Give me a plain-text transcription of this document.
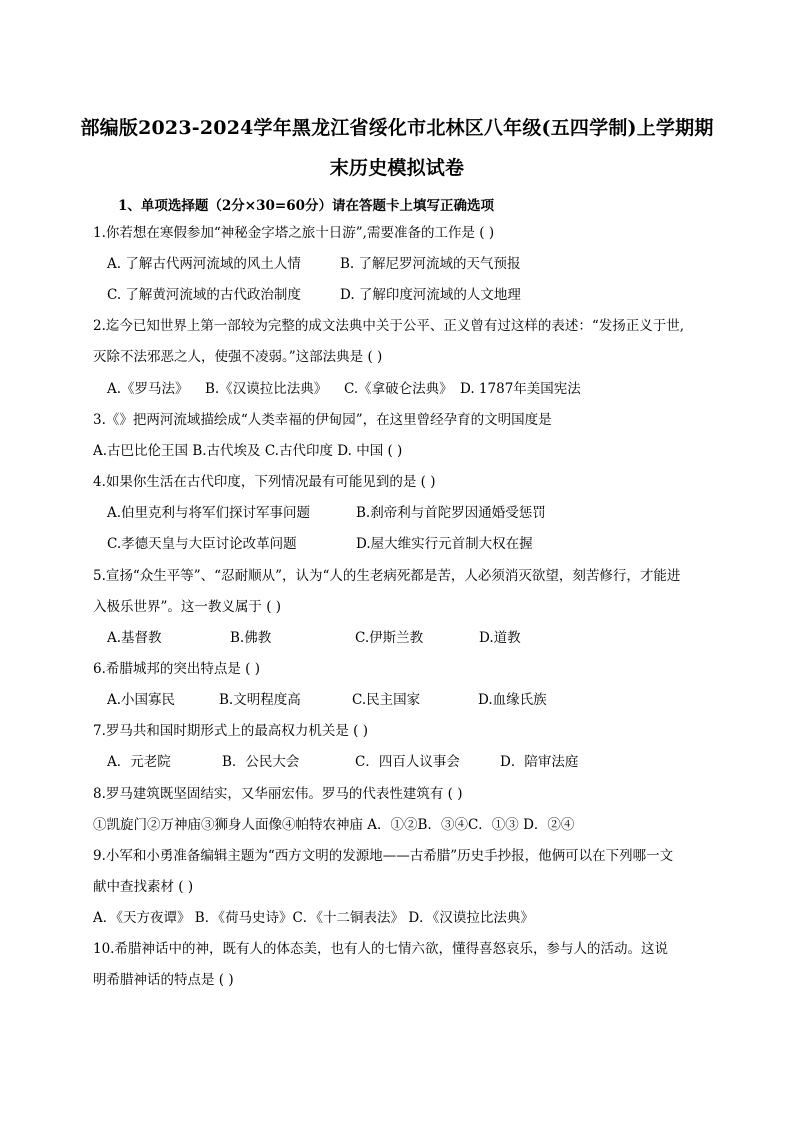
部编版2023-2024学年黑龙江省绥化市北林区八年级(五四学制)上学期期
末历史模拟试卷
1、单项选择题（2分×30=60分）请在答题卡上填写正确选项
1.你若想在寒假参加“神秘金字塔之旅十日游”,需要准备的工作是 ( )
A. 了解古代两河流域的风土人情	B. 了解尼罗河流域的天气预报
C. 了解黄河流域的古代政治制度	D. 了解印度河流域的人文地理
2.迄今已知世界上第一部较为完整的成文法典中关于公平、正义曾有过这样的表述：“发扬正义于世,
灭除不法邪恶之人，使强不凌弱。”这部法典是 ( )
A.《罗马法》 B.《汉谟拉比法典》 C.《拿破仑法典》 D. 1787年美国宪法
3.《》把两河流域描绘成“人类幸福的伊甸园”，在这里曾经孕育的文明国度是
A.古巴比伦王国 B.古代埃及 C.古代印度 D. 中国 ( )
4.如果你生活在古代印度，下列情况最有可能见到的是 ( )
A.伯里克利与将军们探讨军事问题	B.刹帝利与首陀罗因通婚受惩罚
C.孝德天皇与大臣讨论改革问题	D.屋大维实行元首制大权在握
5.宣扬“众生平等”、“忍耐顺从”，认为“人的生老病死都是苦，人必须消灭欲望，刻苦修行，才能进
入极乐世界”。这一教义属于 ( )
A.基督教	B.佛教	C.伊斯兰教	D.道教
6.希腊城邦的突出特点是 ( )
A.小国寡民	B.文明程度高	C.民主国家	D.血缘氏族
7.罗马共和国时期形式上的最高权力机关是 ( )
A．元老院	B．公民大会	C．四百人议事会	D．陪审法庭
8.罗马建筑既坚固结实，又华丽宏伟。罗马的代表性建筑有 ( )
①凯旋门②万神庙③狮身人面像④帕特农神庙 A．①②B．③④C．①③ D．②④
9.小军和小勇准备编辑主题为“西方文明的发源地——古希腊”历史手抄报，他俩可以在下列哪一文
献中查找素材 ( )
A．《天方夜谭》 B．《荷马史诗》C．《十二铜表法》 D．《汉谟拉比法典》
10.希腊神话中的神，既有人的体态美，也有人的七情六欲，懂得喜怒哀乐，参与人的活动。这说
明希腊神话的特点是 ( )
